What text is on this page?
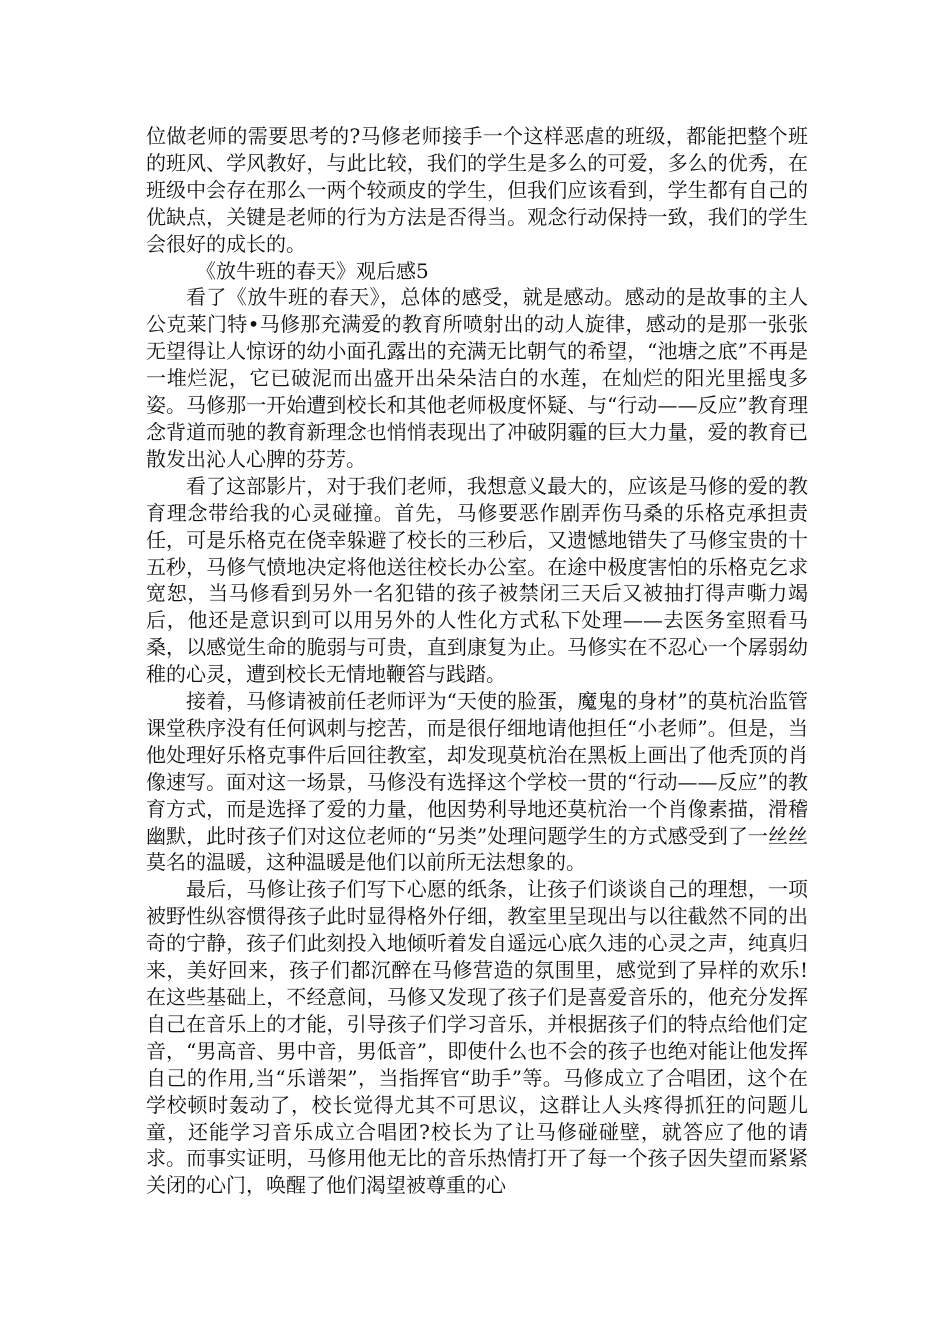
位做老师的需要思考的?马修老师接手一个这样恶虐的班级，都能把整个班的班风、学风教好，与此比较，我们的学生是多么的可爱，多么的优秀，在班级中会存在那么一两个较顽皮的学生，但我们应该看到，学生都有自己的优缺点，关键是老师的行为方法是否得当。观念行动保持一致，我们的学生会很好的成长的。

《放牛班的春天》观后感5

看了《放牛班的春天》，总体的感受，就是感动。感动的是故事的主人公克莱门特•马修那充满爱的教育所喷射出的动人旋律，感动的是那一张张无望得让人惊讶的幼小面孔露出的充满无比朝气的希望，“池塘之底”不再是一堆烂泥，它已破泥而出盛开出朵朵洁白的水莲，在灿烂的阳光里摇曳多姿。马修那一开始遭到校长和其他老师极度怀疑、与“行动——反应”教育理念背道而驰的教育新理念也悄悄表现出了冲破阴霾的巨大力量，爱的教育已散发出沁人心脾的芬芳。

看了这部影片，对于我们老师，我想意义最大的，应该是马修的爱的教育理念带给我的心灵碰撞。首先，马修要恶作剧弄伤马桑的乐格克承担责任，可是乐格克在侥幸躲避了校长的三秒后，又遗憾地错失了马修宝贵的十五秒，马修气愤地决定将他送往校长办公室。在途中极度害怕的乐格克乞求宽恕，当马修看到另外一名犯错的孩子被禁闭三天后又被抽打得声嘶力竭后，他还是意识到可以用另外的人性化方式私下处理——去医务室照看马桑，以感觉生命的脆弱与可贵，直到康复为止。马修实在不忍心一个孱弱幼稚的心灵，遭到校长无情地鞭笞与践踏。

接着，马修请被前任老师评为“天使的脸蛋，魔鬼的身材”的莫杭治监管课堂秩序没有任何讽刺与挖苦，而是很仔细地请他担任“小老师”。但是，当他处理好乐格克事件后回往教室，却发现莫杭治在黑板上画出了他秃顶的肖像速写。面对这一场景，马修没有选择这个学校一贯的“行动——反应”的教育方式，而是选择了爱的力量，他因势利导地还莫杭治一个肖像素描，滑稽幽默，此时孩子们对这位老师的“另类”处理问题学生的方式感受到了一丝丝莫名的温暖，这种温暖是他们以前所无法想象的。

最后，马修让孩子们写下心愿的纸条，让孩子们谈谈自己的理想，一项被野性纵容惯得孩子此时显得格外仔细，教室里呈现出与以往截然不同的出奇的宁静，孩子们此刻投入地倾听着发自遥远心底久违的心灵之声，纯真归来，美好回来，孩子们都沉醉在马修营造的氛围里，感觉到了异样的欢乐!在这些基础上，不经意间，马修又发现了孩子们是喜爱音乐的，他充分发挥自己在音乐上的才能，引导孩子们学习音乐，并根据孩子们的特点给他们定音，“男高音、男中音，男低音”，即使什么也不会的孩子也绝对能让他发挥自己的作用,当“乐谱架”，当指挥官“助手”等。马修成立了合唱团，这个在学校顿时轰动了，校长觉得尤其不可思议，这群让人头疼得抓狂的问题儿童，还能学习音乐成立合唱团?校长为了让马修碰碰壁，就答应了他的请求。而事实证明，马修用他无比的音乐热情打开了每一个孩子因失望而紧紧关闭的心门，唤醒了他们渴望被尊重的心
